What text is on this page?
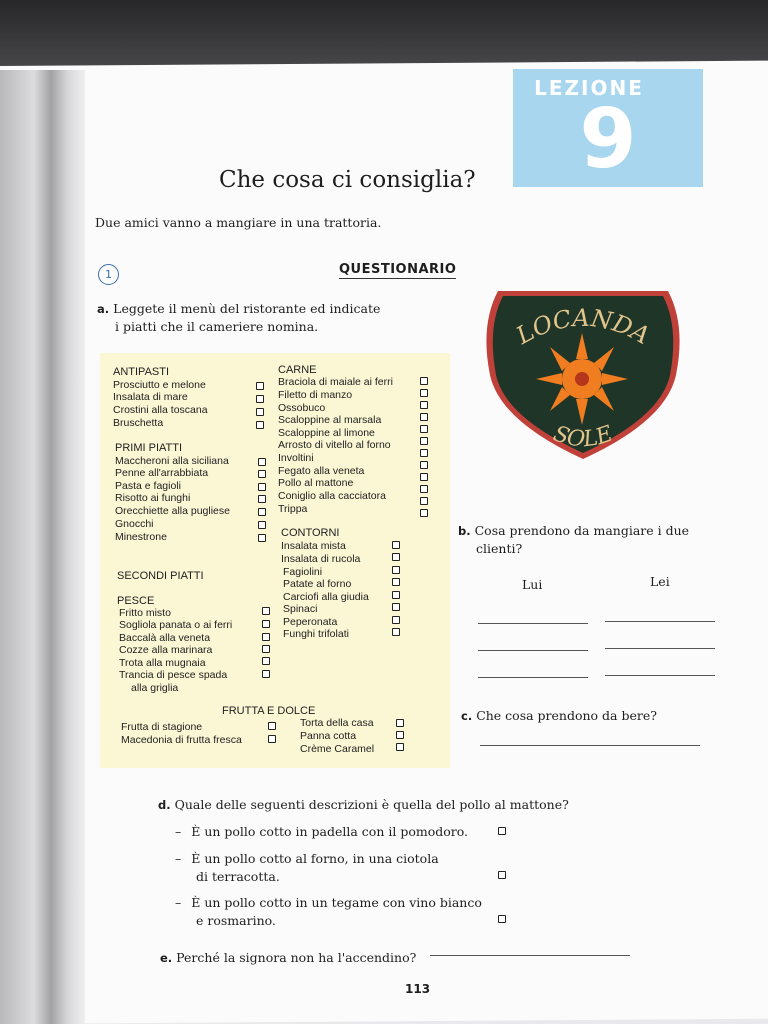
LEZIONE
9
Che cosa ci consiglia?
Due amici vanno a mangiare in una trattoria.
1	QUESTIONARIO
a. Leggete il menù del ristorante ed indicate
i piatti che il cameriere nomina.
ANTIPASTI
Prosciutto e melone
Insalata di mare
Crostini alla toscana
Bruschetta
PRIMI PIATTI
Maccheroni alla siciliana
Penne all'arrabbiata
Pasta e fagioli
Risotto ai funghi
Orecchiette alla pugliese
Gnocchi
Minestrone
SECONDI PIATTI
PESCE
Fritto misto
Sogliola panata o ai ferri
Baccalà alla veneta
Cozze alla marinara
Trota alla mugnaia
Trancia di pesce spada
alla griglia
CARNE
Braciola di maiale ai ferri
Filetto di manzo
Ossobuco
Scaloppine al marsala
Scaloppine al limone
Arrosto di vitello al forno
Involtini
Fegato alla veneta
Pollo al mattone
Coniglio alla cacciatora
Trippa
CONTORNI
Insalata mista
Insalata di rucola
Fagiolini
Patate al forno
Carciofi alla giudia
Spinaci
Peperonata
Funghi trifolati
FRUTTA E DOLCE
Frutta di stagione
Macedonia di frutta fresca
Torta della casa
Panna cotta
Crème Caramel
LOCANDA
SOLE
b. Cosa prendono da mangiare i due
clienti?
Lui	Lei
c. Che cosa prendono da bere?
d. Quale delle seguenti descrizioni è quella del pollo al mattone?
– È un pollo cotto in padella con il pomodoro.
– È un pollo cotto al forno, in una ciotola
di terracotta.
– È un pollo cotto in un tegame con vino bianco
e rosmarino.
e. Perché la signora non ha l'accendino?
113
